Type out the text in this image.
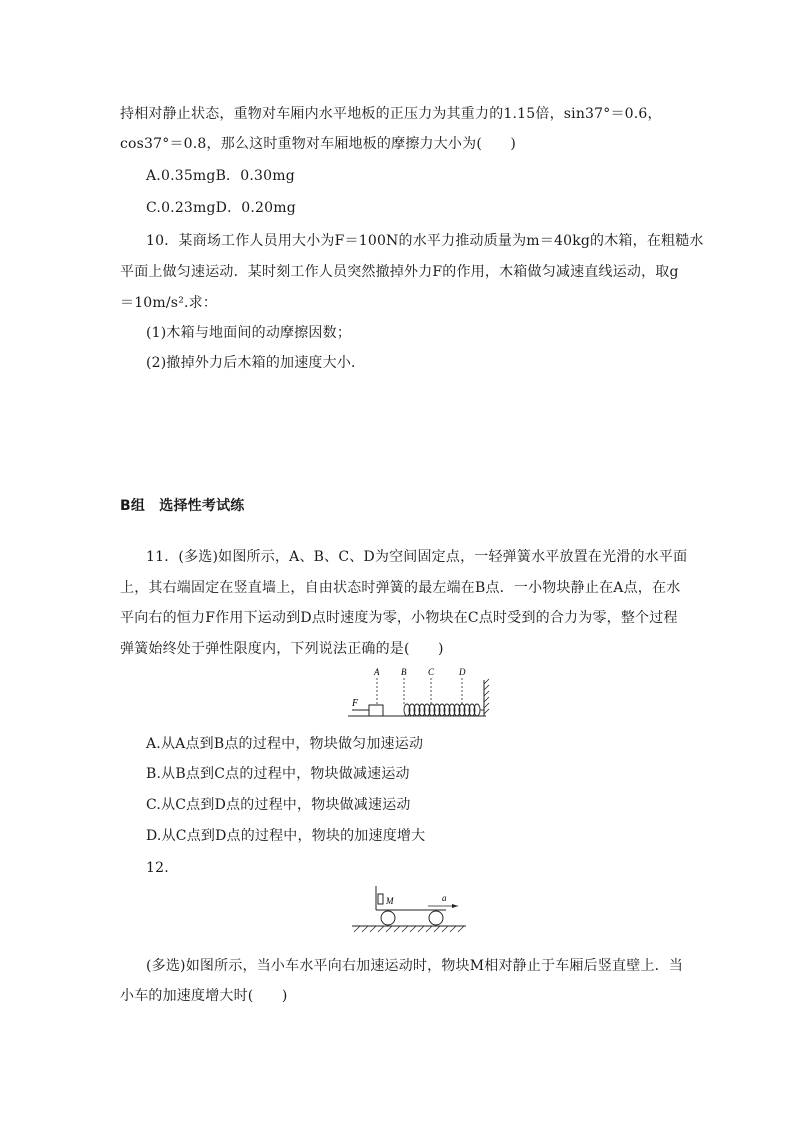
持相对静止状态，重物对车厢内水平地板的正压力为其重力的1.15倍，sin37°＝0.6，
cos37°＝0.8，那么这时重物对车厢地板的摩擦力大小为(　　)
A.0.35mgB．0.30mg
C.0.23mgD．0.20mg
10．某商场工作人员用大小为F＝100N的水平力推动质量为m＝40kg的木箱，在粗糙水
平面上做匀速运动．某时刻工作人员突然撤掉外力F的作用，木箱做匀减速直线运动，取g
＝10m/s².求：
(1)木箱与地面间的动摩擦因数；
(2)撤掉外力后木箱的加速度大小．
B组　选择性考试练
11．(多选)如图所示，A、B、C、D为空间固定点，一轻弹簧水平放置在光滑的水平面
上，其右端固定在竖直墙上，自由状态时弹簧的最左端在B点．一小物块静止在A点，在水
平向右的恒力F作用下运动到D点时速度为零，小物块在C点时受到的合力为零，整个过程
弹簧始终处于弹性限度内，下列说法正确的是(　　)
F
A B C	D
A.从A点到B点的过程中，物块做匀加速运动
B.从B点到C点的过程中，物块做减速运动
C.从C点到D点的过程中，物块做减速运动
D.从C点到D点的过程中，物块的加速度增大
12.
M	a
(多选)如图所示，当小车水平向右加速运动时，物块M相对静止于车厢后竖直壁上．当
小车的加速度增大时(　　)
